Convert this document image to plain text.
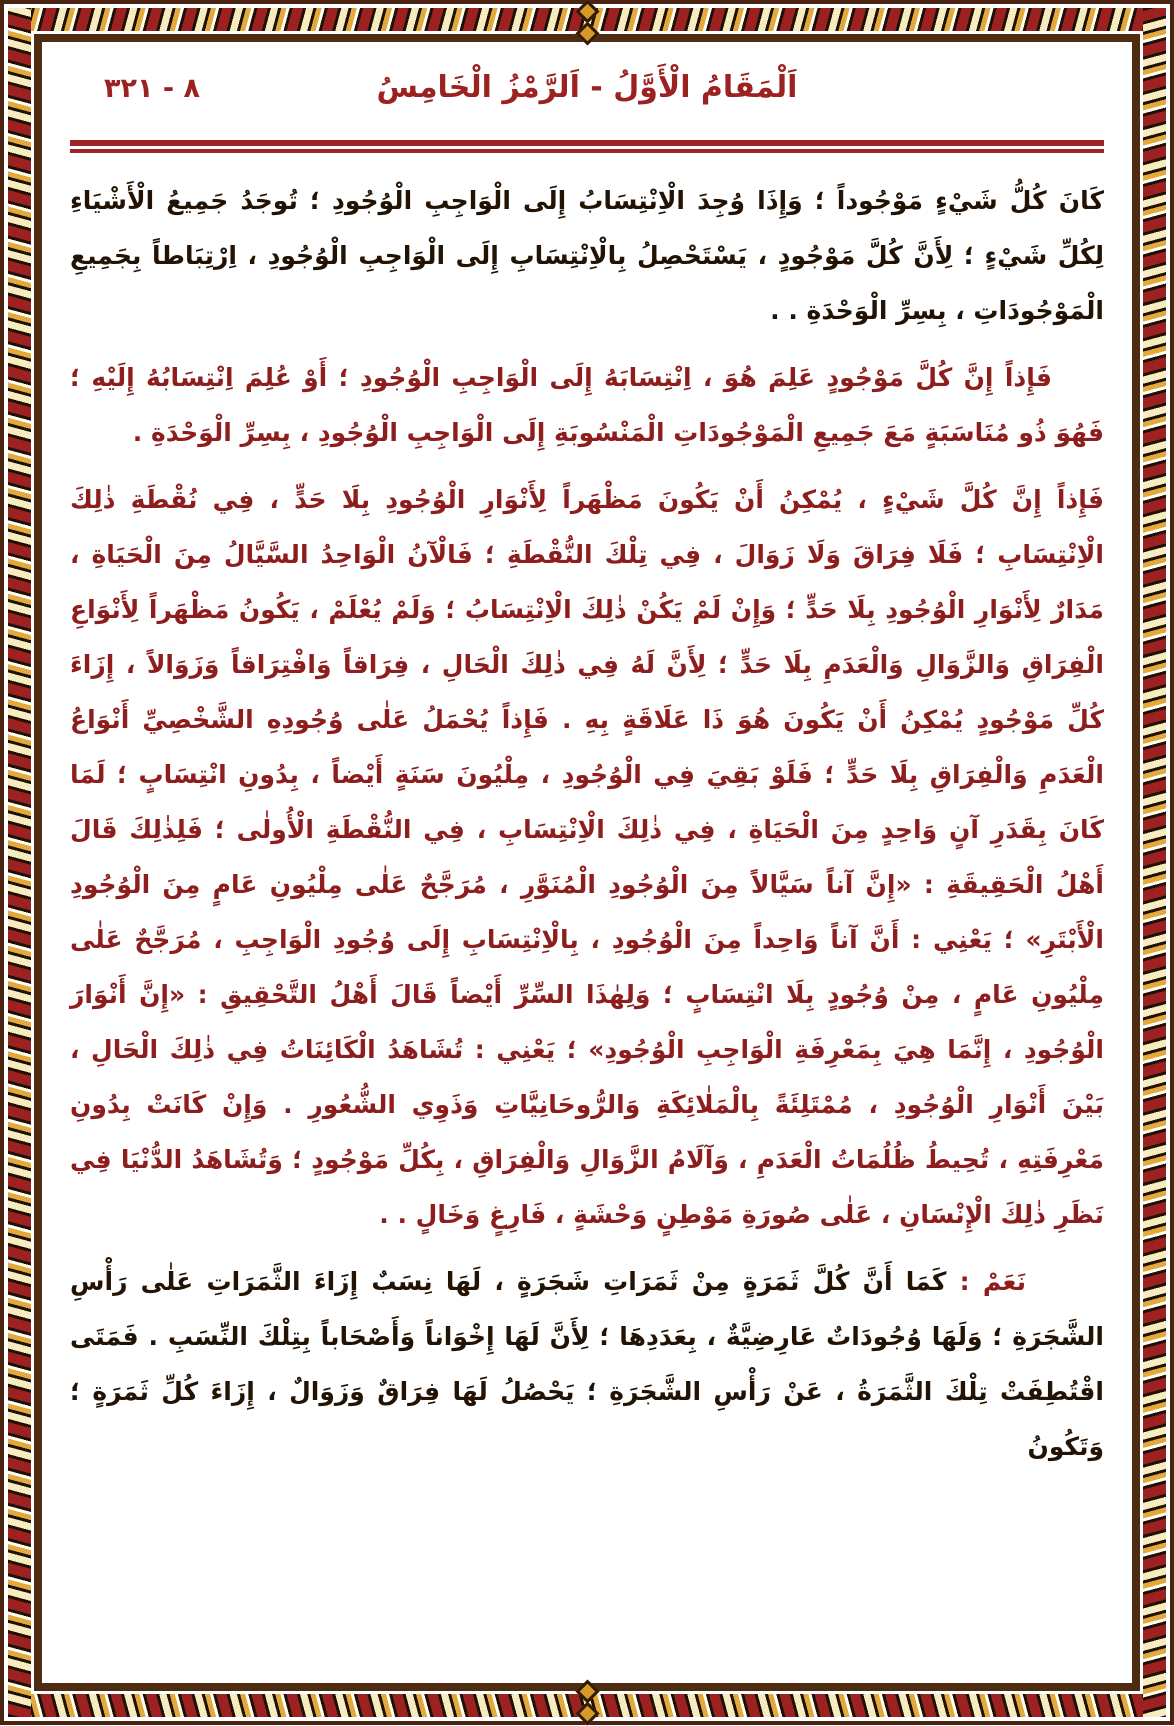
٨ - ٣٢١	اَلْمَقَامُ الْأَوَّلُ - اَلرَّمْزُ الْخَامِسُ

كَانَ كُلُّ شَيْءٍ مَوْجُوداً ؛ وَإِذَا وُجِدَ الْاِنْتِسَابُ إِلَى الْوَاجِبِ الْوُجُودِ ؛ تُوجَدُ جَمِيعُ الْأَشْيَاءِ لِكُلِّ شَيْءٍ ؛ لِأَنَّ كُلَّ مَوْجُودٍ ، يَسْتَحْصِلُ بِالْاِنْتِسَابِ إِلَى الْوَاجِبِ الْوُجُودِ ، اِرْتِبَاطاً بِجَمِيعِ الْمَوْجُودَاتِ ، بِسِرِّ الْوَحْدَةِ . .

فَإِذاً إِنَّ كُلَّ مَوْجُودٍ عَلِمَ هُوَ ، اِنْتِسَابَهُ إِلَى الْوَاجِبِ الْوُجُودِ ؛ أَوْ عُلِمَ اِنْتِسَابُهُ إِلَيْهِ ؛ فَهُوَ ذُو مُنَاسَبَةٍ مَعَ جَمِيعِ الْمَوْجُودَاتِ الْمَنْسُوبَةِ إِلَى الْوَاجِبِ الْوُجُودِ ، بِسِرِّ الْوَحْدَةِ .

فَإِذاً إِنَّ كُلَّ شَيْءٍ ، يُمْكِنُ أَنْ يَكُونَ مَظْهَراً لِأَنْوَارِ الْوُجُودِ بِلَا حَدٍّ ، فِي نُقْطَةِ ذٰلِكَ الْاِنْتِسَابِ ؛ فَلَا فِرَاقَ وَلَا زَوَالَ ، فِي تِلْكَ النُّقْطَةِ ؛ فَالْآنُ الْوَاحِدُ السَّيَّالُ مِنَ الْحَيَاةِ ، مَدَارٌ لِأَنْوَارِ الْوُجُودِ بِلَا حَدٍّ ؛ وَإِنْ لَمْ يَكُنْ ذٰلِكَ الْاِنْتِسَابُ ؛ وَلَمْ يُعْلَمْ ، يَكُونُ مَظْهَراً لِأَنْوَاعِ الْفِرَاقِ وَالزَّوَالِ وَالْعَدَمِ بِلَا حَدٍّ ؛ لِأَنَّ لَهُ فِي ذٰلِكَ الْحَالِ ، فِرَاقاً وَافْتِرَاقاً وَزَوَالاً ، إِزَاءَ كُلِّ مَوْجُودٍ يُمْكِنُ أَنْ يَكُونَ هُوَ ذَا عَلَاقَةٍ بِهِ . فَإِذاً يُحْمَلُ عَلٰى وُجُودِهِ الشَّخْصِيِّ أَنْوَاعُ الْعَدَمِ وَالْفِرَاقِ بِلَا حَدٍّ ؛ فَلَوْ بَقِيَ فِي الْوُجُودِ ، مِلْيُونَ سَنَةٍ أَيْضاً ، بِدُونِ انْتِسَابٍ ؛ لَمَا كَانَ بِقَدَرِ آنٍ وَاحِدٍ مِنَ الْحَيَاةِ ، فِي ذٰلِكَ الْاِنْتِسَابِ ، فِي النُّقْطَةِ الْأُولٰى ؛ فَلِذٰلِكَ قَالَ أَهْلُ الْحَقِيقَةِ : «إِنَّ آناً سَيَّالاً مِنَ الْوُجُودِ الْمُنَوَّرِ ، مُرَجَّحٌ عَلٰى مِلْيُونِ عَامٍ مِنَ الْوُجُودِ الْأَبْتَرِ» ؛ يَعْنِي : أَنَّ آناً وَاحِداً مِنَ الْوُجُودِ ، بِالْاِنْتِسَابِ إِلَى وُجُودِ الْوَاجِبِ ، مُرَجَّحٌ عَلٰى مِلْيُونِ عَامٍ ، مِنْ وُجُودٍ بِلَا انْتِسَابٍ ؛ وَلِهٰذَا السِّرِّ أَيْضاً قَالَ أَهْلُ التَّحْقِيقِ : «إِنَّ أَنْوَارَ الْوُجُودِ ، إِنَّمَا هِيَ بِمَعْرِفَةِ الْوَاجِبِ الْوُجُودِ» ؛ يَعْنِي : تُشَاهَدُ الْكَائِنَاتُ فِي ذٰلِكَ الْحَالِ ، بَيْنَ أَنْوَارِ الْوُجُودِ ، مُمْتَلِئَةً بِالْمَلٰائِكَةِ وَالرُّوحَانِيَّاتِ وَذَوِي الشُّعُورِ . وَإِنْ كَانَتْ بِدُونِ مَعْرِفَتِهِ ، تُحِيطُ ظُلُمَاتُ الْعَدَمِ ، وَآلَامُ الزَّوَالِ وَالْفِرَاقِ ، بِكُلِّ مَوْجُودٍ ؛ وَتُشَاهَدُ الدُّنْيَا فِي نَظَرِ ذٰلِكَ الْإِنْسَانِ ، عَلٰى صُورَةِ مَوْطِنٍ وَحْشَةٍ ، فَارِغٍ وَخَالٍ . .

نَعَمْ : كَمَا أَنَّ كُلَّ ثَمَرَةٍ مِنْ ثَمَرَاتِ شَجَرَةٍ ، لَهَا نِسَبٌ إِزَاءَ الثَّمَرَاتِ عَلٰى رَأْسِ الشَّجَرَةِ ؛ وَلَهَا وُجُودَاتٌ عَارِضِيَّةٌ ، بِعَدَدِهَا ؛ لِأَنَّ لَهَا إِخْوَاناً وَأَصْحَاباً بِتِلْكَ النِّسَبِ . فَمَتَى اقْتُطِفَتْ تِلْكَ الثَّمَرَةُ ، عَنْ رَأْسِ الشَّجَرَةِ ؛ يَحْصُلُ لَهَا فِرَاقٌ وَزَوَالٌ ، إِزَاءَ كُلِّ ثَمَرَةٍ ؛ وَتَكُونُ
